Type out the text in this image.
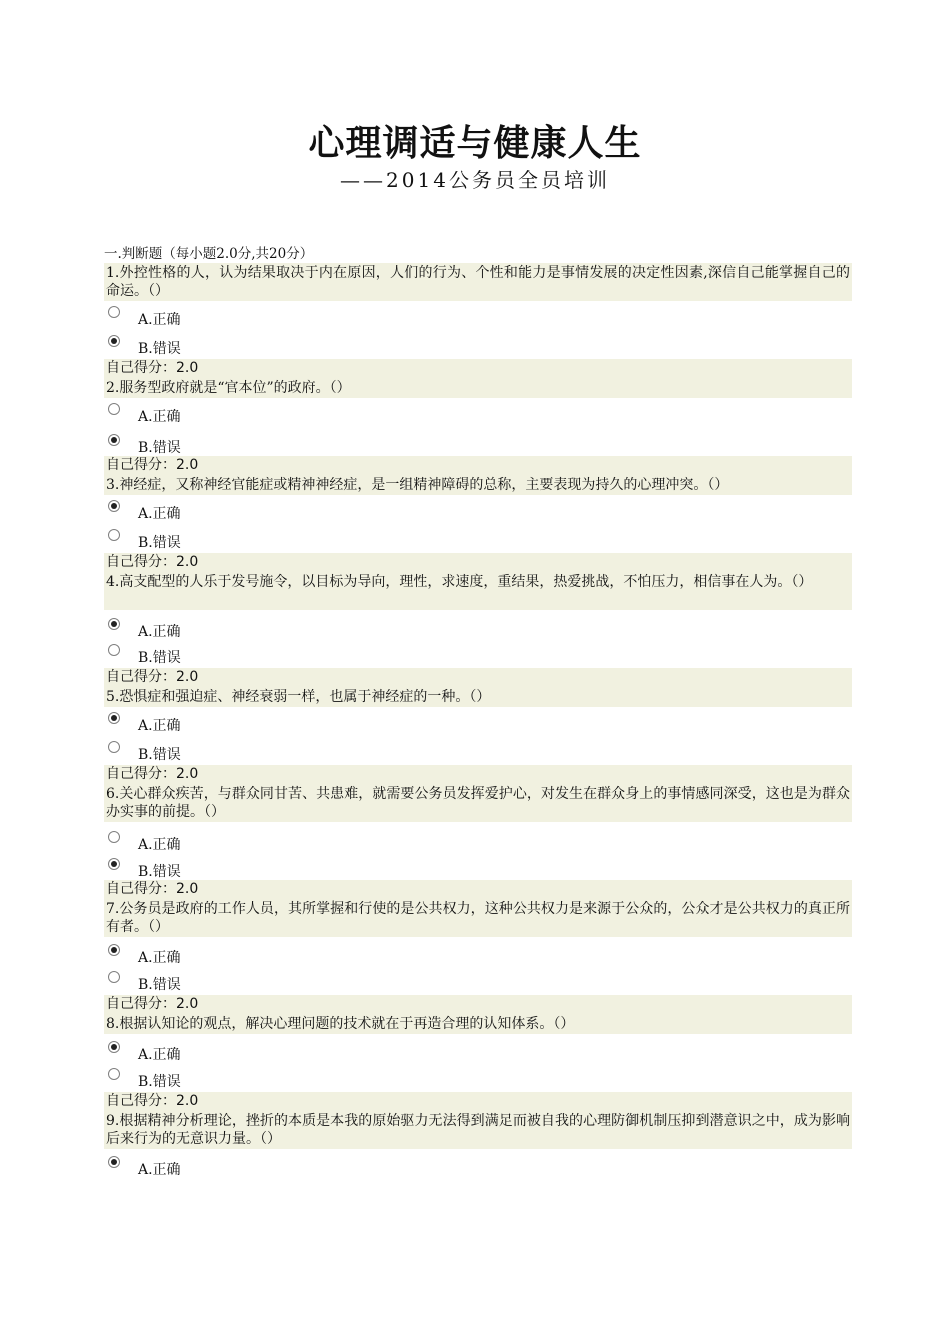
心理调适与健康人生
——2014公务员全员培训
一.判断题（每小题2.0分,共20分）
1.外控性格的人，认为结果取决于内在原因，人们的行为、个性和能力是事情发展的决定性因素,深信自己能掌握自己的命运。（）
A.正确
B.错误
自己得分：2.0
2.服务型政府就是“官本位”的政府。（）
A.正确
B.错误
自己得分：2.0
3.神经症，又称神经官能症或精神神经症，是一组精神障碍的总称，主要表现为持久的心理冲突。（）
A.正确
B.错误
自己得分：2.0
4.高支配型的人乐于发号施令，以目标为导向，理性，求速度，重结果，热爱挑战，不怕压力，相信事在人为。（）
A.正确
B.错误
自己得分：2.0
5.恐惧症和强迫症、神经衰弱一样，也属于神经症的一种。（）
A.正确
B.错误
自己得分：2.0
6.关心群众疾苦，与群众同甘苦、共患难，就需要公务员发挥爱护心，对发生在群众身上的事情感同深受，这也是为群众办实事的前提。（）
A.正确
B.错误
自己得分：2.0
7.公务员是政府的工作人员，其所掌握和行使的是公共权力，这种公共权力是来源于公众的，公众才是公共权力的真正所有者。（）
A.正确
B.错误
自己得分：2.0
8.根据认知论的观点，解决心理问题的技术就在于再造合理的认知体系。（）
A.正确
B.错误
自己得分：2.0
9.根据精神分析理论，挫折的本质是本我的原始驱力无法得到满足而被自我的心理防御机制压抑到潜意识之中，成为影响后来行为的无意识力量。（）
A.正确
